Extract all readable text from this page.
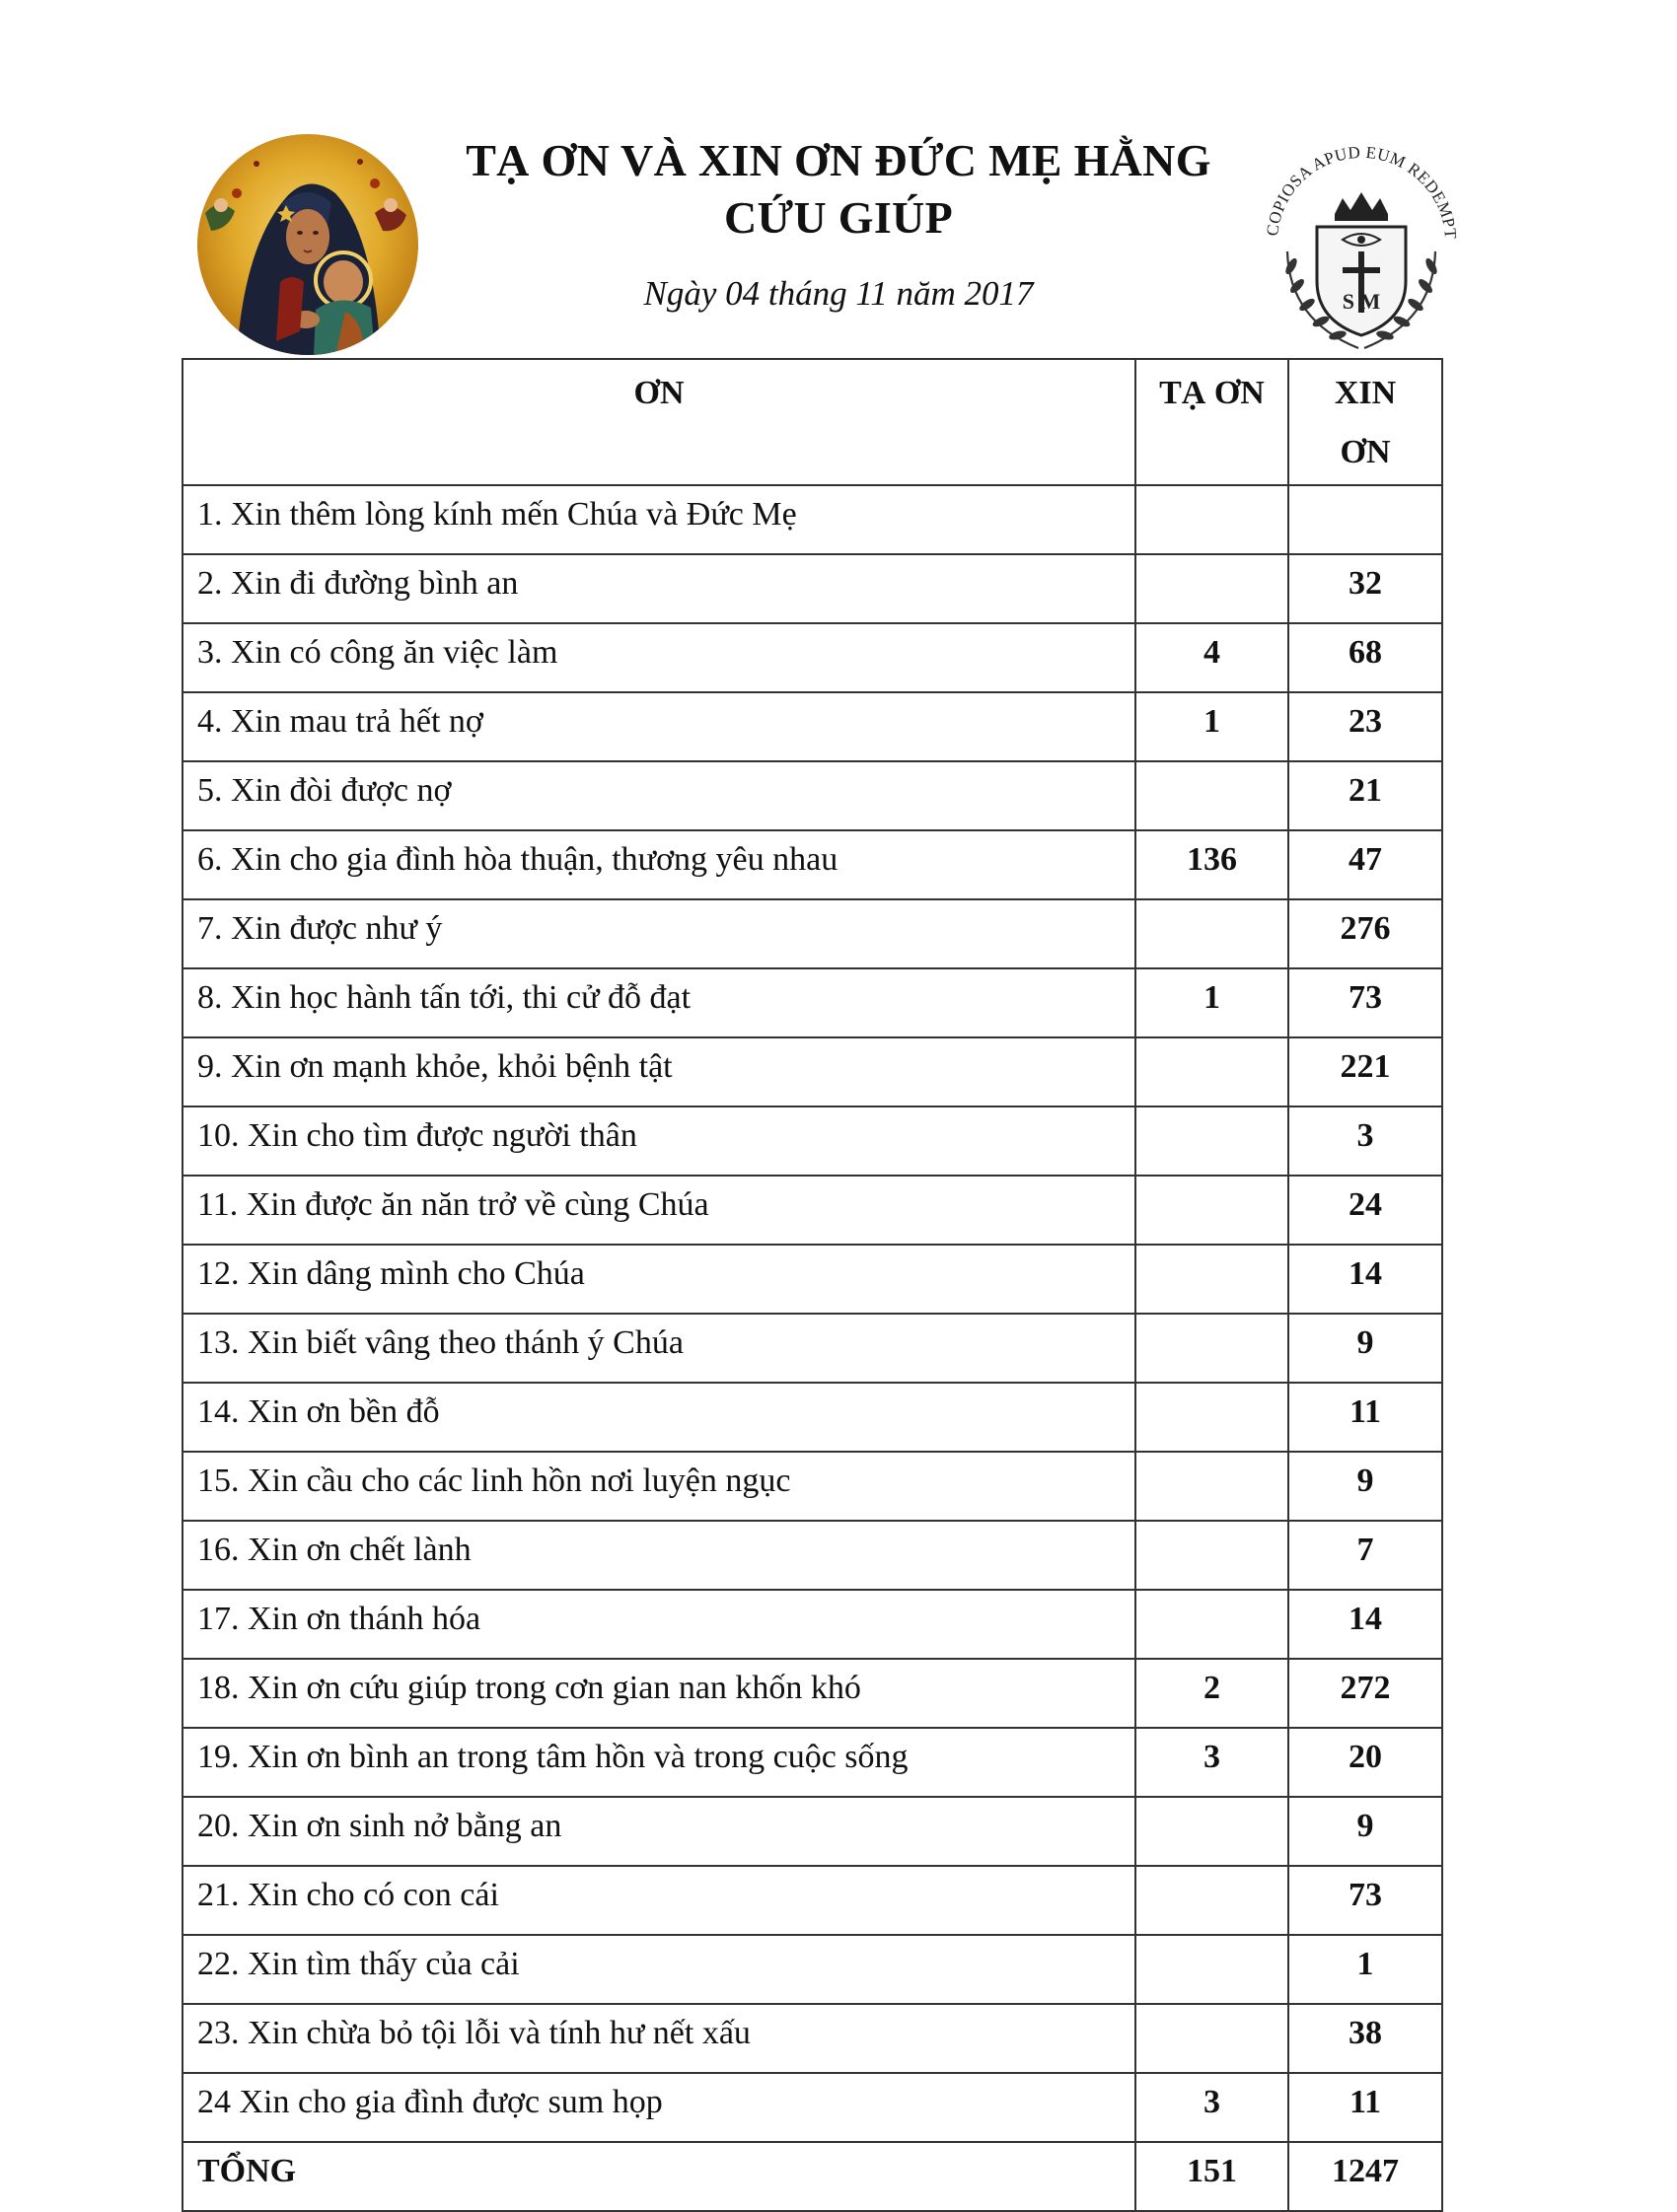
TẠ ƠN VÀ XIN ƠN ĐỨC MẸ HẰNG
CỨU GIÚP
Ngày 04 tháng 11 năm 2017
COPIOSA APUD EUM REDEMPT
S M
ƠN	TẠ ƠN	XIN
ƠN

1. Xin thêm lòng kính mến Chúa và Đức Mẹ		
2. Xin đi đường bình an		32
3. Xin có công ăn việc làm	4	68
4. Xin mau trả hết nợ	1	23
5. Xin đòi được nợ		21
6. Xin cho gia đình hòa thuận, thương yêu nhau	136	47
7. Xin được như ý		276
8. Xin học hành tấn tới, thi cử đỗ đạt	1	73
9. Xin ơn mạnh khỏe, khỏi bệnh tật		221
10. Xin cho tìm được người thân		3
11. Xin được ăn năn trở về cùng Chúa		24
12. Xin dâng mình cho Chúa		14
13. Xin biết vâng theo thánh ý Chúa		9
14. Xin ơn bền đỗ		11
15. Xin cầu cho các linh hồn nơi luyện ngục		9
16. Xin ơn chết lành		7
17. Xin ơn thánh hóa		14
18. Xin ơn cứu giúp trong cơn gian nan khốn khó	2	272
19. Xin ơn bình an trong tâm hồn và trong cuộc sống	3	20
20. Xin ơn sinh nở bằng an		9
21. Xin cho có con cái		73
22. Xin tìm thấy của cải		1
23. Xin chừa bỏ tội lỗi và tính hư nết xấu		38
24 Xin cho gia đình được sum họp	3	11
TỔNG	151	1247
